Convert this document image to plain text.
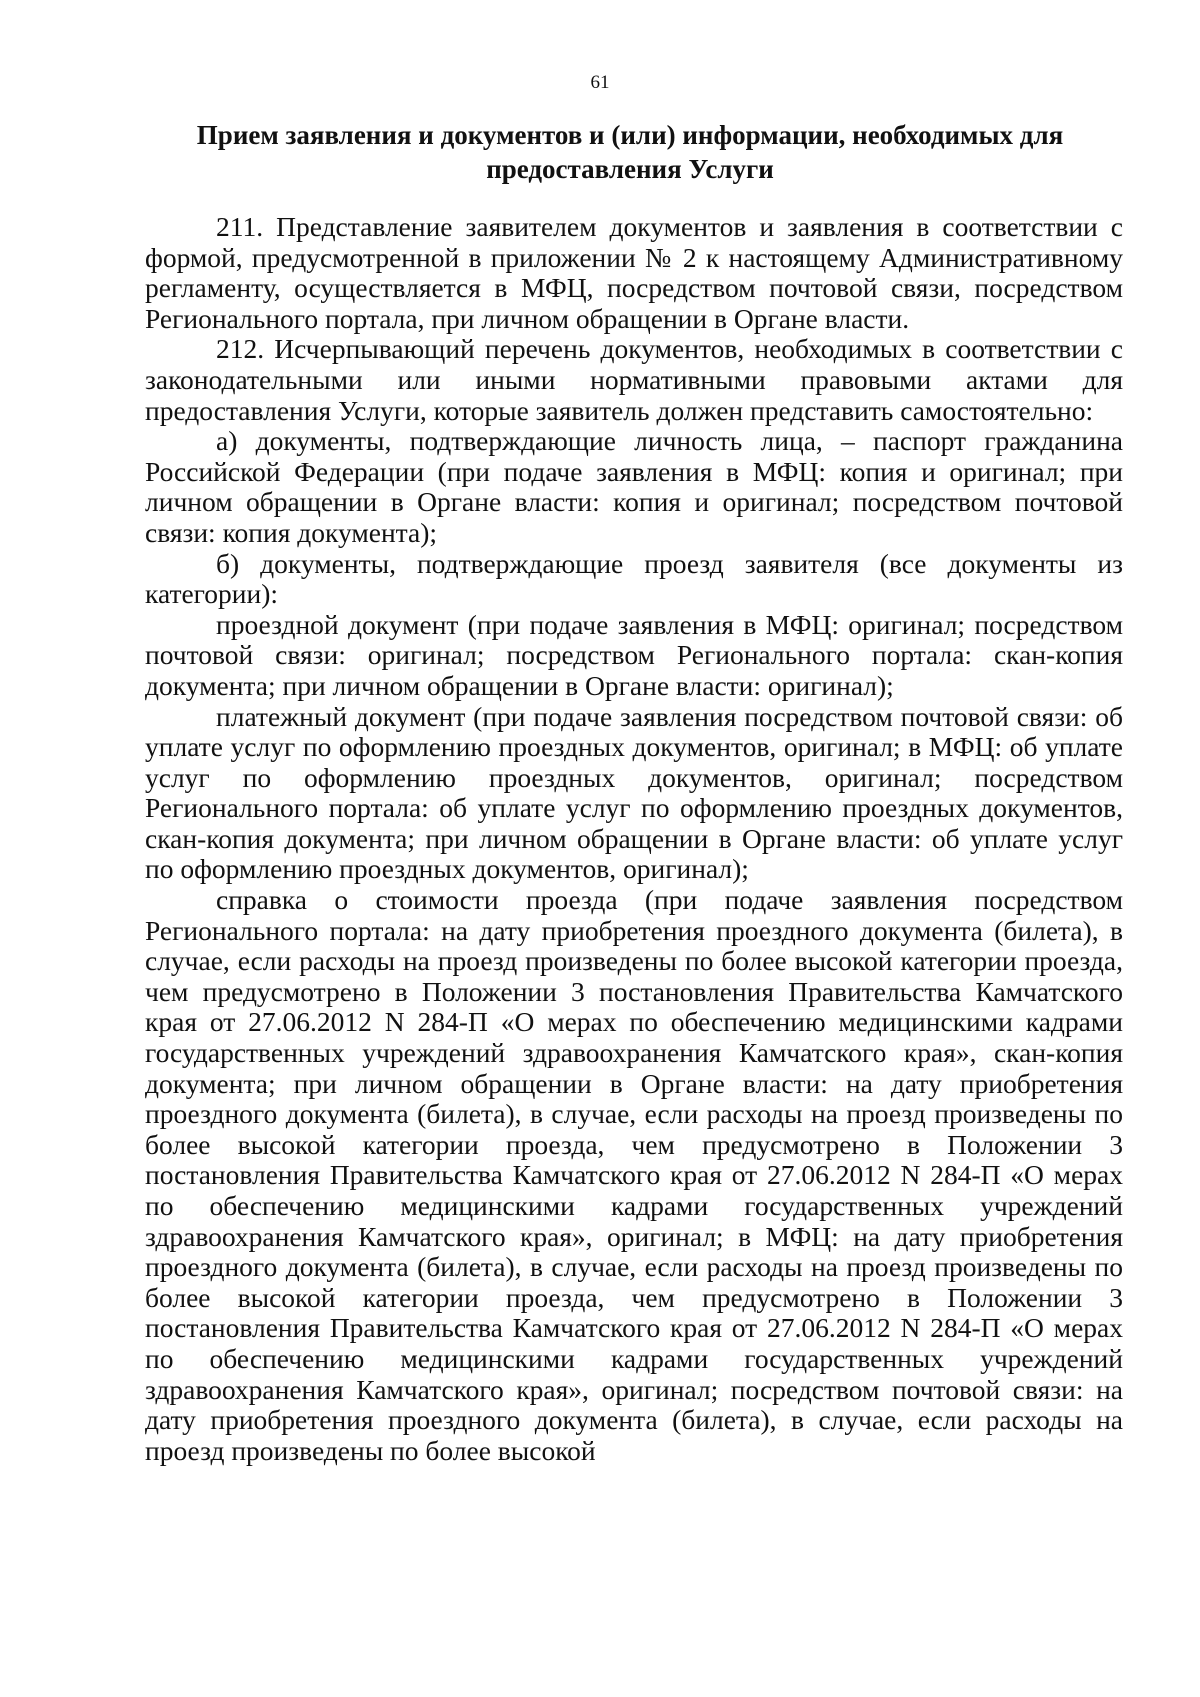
61
Прием заявления и документов и (или) информации, необходимых для
предоставления Услуги

211. Представление заявителем документов и заявления в соответствии с формой, предусмотренной в приложении № 2 к настоящему Административному регламенту, осуществляется в МФЦ, посредством почтовой связи, посредством Регионального портала, при личном обращении в Органе власти.

212. Исчерпывающий перечень документов, необходимых в соответствии с законодательными или иными нормативными правовыми актами для предоставления Услуги, которые заявитель должен представить самостоятельно:

а) документы, подтверждающие личность лица, – паспорт гражданина Российской Федерации (при подаче заявления в МФЦ: копия и оригинал; при личном обращении в Органе власти: копия и оригинал; посредством почтовой связи: копия документа);

б) документы, подтверждающие проезд заявителя (все документы из категории):

проездной документ (при подаче заявления в МФЦ: оригинал; посредством почтовой связи: оригинал; посредством Регионального портала: скан-копия документа; при личном обращении в Органе власти: оригинал);

платежный документ (при подаче заявления посредством почтовой связи: об уплате услуг по оформлению проездных документов, оригинал; в МФЦ: об уплате услуг по оформлению проездных документов, оригинал; посредством Регионального портала: об уплате услуг по оформлению проездных документов, скан-копия документа; при личном обращении в Органе власти: об уплате услуг по оформлению проездных документов, оригинал);

справка о стоимости проезда (при подаче заявления посредством Регионального портала: на дату приобретения проездного документа (билета), в случае, если расходы на проезд произведены по более высокой категории проезда, чем предусмотрено в Положении 3 постановления Правительства Камчатского края от 27.06.2012 N 284-П «О мерах по обеспечению медицинскими кадрами государственных учреждений здравоохранения Камчатского края», скан-копия документа; при личном обращении в Органе власти: на дату приобретения проездного документа (билета), в случае, если расходы на проезд произведены по более высокой категории проезда, чем предусмотрено в Положении 3 постановления Правительства Камчатского края от 27.06.2012 N 284-П «О мерах по обеспечению медицинскими кадрами государственных учреждений здравоохранения Камчатского края», оригинал; в МФЦ: на дату приобретения проездного документа (билета), в случае, если расходы на проезд произведены по более высокой категории проезда, чем предусмотрено в Положении 3 постановления Правительства Камчатского края от 27.06.2012 N 284-П «О мерах по обеспечению медицинскими кадрами государственных учреждений здравоохранения Камчатского края», оригинал; посредством почтовой связи: на дату приобретения проездного документа (билета), в случае, если расходы на проезд произведены по более высокой
